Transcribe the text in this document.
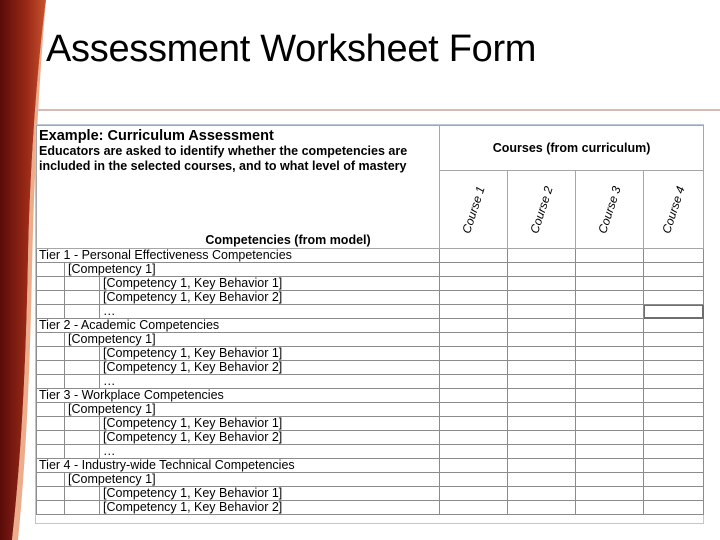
Assessment Worksheet Form
Example: Curriculum Assessment
Educators are asked to identify whether the competencies are included in the selected courses, and to what level of mastery
Competencies (from model)			Courses (from curriculum)			

			Course 1	Course 2	Course 3	Course 4

Tier 1 - Personal Effectiveness Competencies						
	[Competency 1]					
		[Competency 1, Key Behavior 1]				
		[Competency 1, Key Behavior 2]				
		…				
Tier 2 - Academic Competencies						
	[Competency 1]					
		[Competency 1, Key Behavior 1]				
		[Competency 1, Key Behavior 2]				
		…				
Tier 3 - Workplace Competencies						
	[Competency 1]					
		[Competency 1, Key Behavior 1]				
		[Competency 1, Key Behavior 2]				
		…				
Tier 4 - Industry-wide Technical Competencies						
	[Competency 1]					
		[Competency 1, Key Behavior 1]				
		[Competency 1, Key Behavior 2]				
